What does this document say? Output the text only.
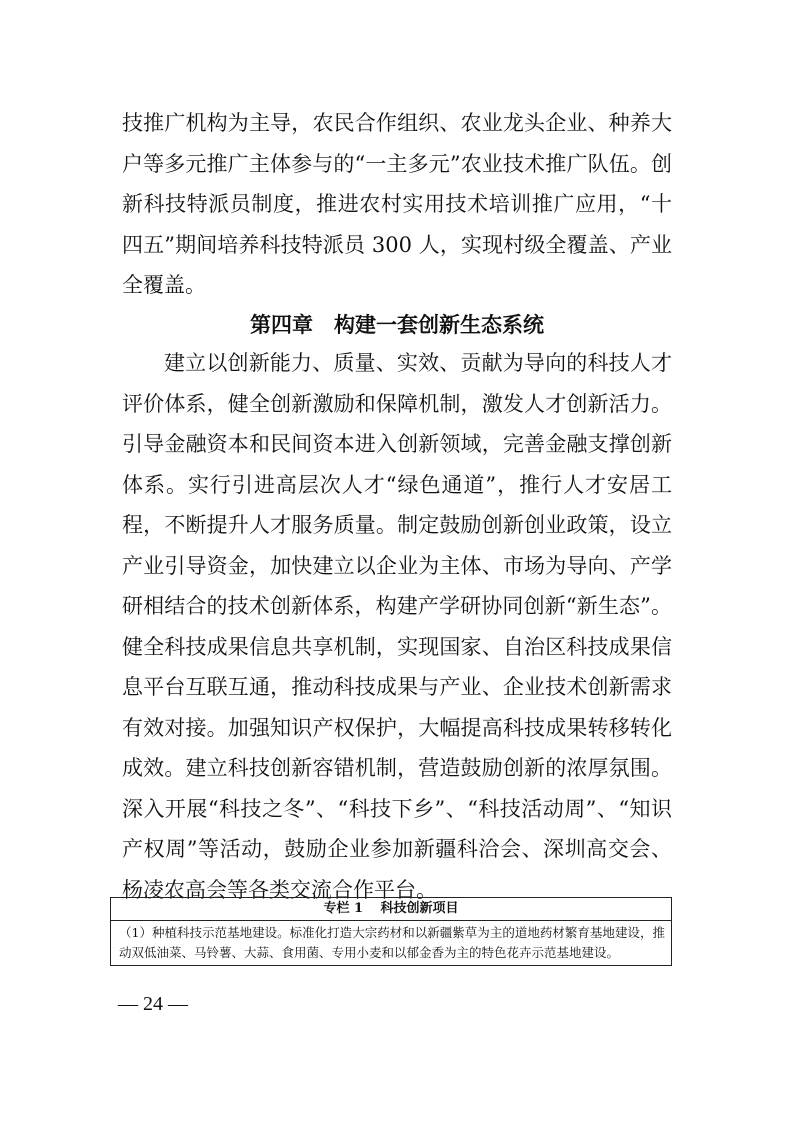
技推广机构为主导，农民合作组织、农业龙头企业、种养大户等多元推广主体参与的“一主多元”农业技术推广队伍。创新科技特派员制度，推进农村实用技术培训推广应用，“十四五”期间培养科技特派员 300 人，实现村级全覆盖、产业全覆盖。

第四章　构建一套创新生态系统

建立以创新能力、质量、实效、贡献为导向的科技人才评价体系，健全创新激励和保障机制，激发人才创新活力。引导金融资本和民间资本进入创新领域，完善金融支撑创新体系。实行引进高层次人才“绿色通道”，推行人才安居工程，不断提升人才服务质量。制定鼓励创新创业政策，设立产业引导资金，加快建立以企业为主体、市场为导向、产学研相结合的技术创新体系，构建产学研协同创新“新生态”。健全科技成果信息共享机制，实现国家、自治区科技成果信息平台互联互通，推动科技成果与产业、企业技术创新需求有效对接。加强知识产权保护，大幅提高科技成果转移转化成效。建立科技创新容错机制，营造鼓励创新的浓厚氛围。深入开展“科技之冬”、“科技下乡”、“科技活动周”、“知识产权周”等活动，鼓励企业参加新疆科洽会、深圳高交会、杨凌农高会等各类交流合作平台。

专栏 1　 科技创新项目
（1）种植科技示范基地建设。标准化打造大宗药材和以新疆紫草为主的道地药材繁育基地建设，推动双低油菜、马铃薯、大蒜、食用菌、专用小麦和以郁金香为主的特色花卉示范基地建设。
— 24 —
